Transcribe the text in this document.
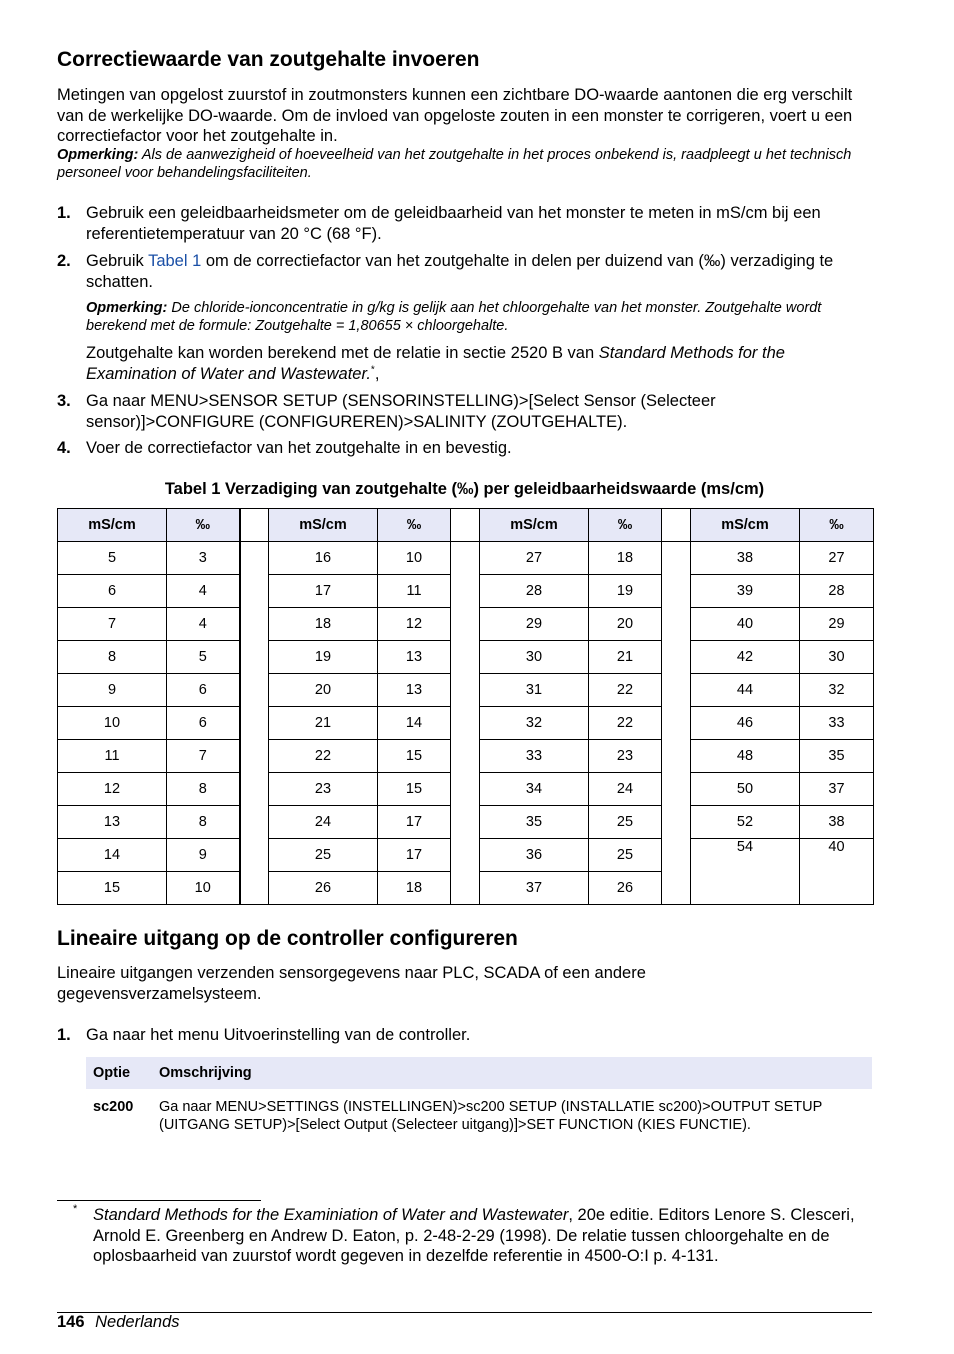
Correctiewaarde van zoutgehalte invoeren
Metingen van opgelost zuurstof in zoutmonsters kunnen een zichtbare DO-waarde aantonen die erg verschilt van de werkelijke DO-waarde. Om de invloed van opgeloste zouten in een monster te corrigeren, voert u een correctiefactor voor het zoutgehalte in.
Opmerking: Als de aanwezigheid of hoeveelheid van het zoutgehalte in het proces onbekend is, raadpleegt u het technisch personeel voor behandelingsfaciliteiten.
1. Gebruik een geleidbaarheidsmeter om de geleidbaarheid van het monster te meten in mS/cm bij een referentietemperatuur van 20 °C (68 °F).
2. Gebruik Tabel 1 om de correctiefactor van het zoutgehalte in delen per duizend van (‰) verzadiging te schatten.
Opmerking: De chloride-ionconcentratie in g/kg is gelijk aan het chloorgehalte van het monster. Zoutgehalte wordt berekend met de formule: Zoutgehalte = 1,80655 × chloorgehalte.
Zoutgehalte kan worden berekend met de relatie in sectie 2520 B van Standard Methods for the Examination of Water and Wastewater.*,
3. Ga naar MENU>SENSOR SETUP (SENSORINSTELLING)>[Select Sensor (Selecteer sensor)]>CONFIGURE (CONFIGUREREN)>SALINITY (ZOUTGEHALTE).
4. Voer de correctiefactor van het zoutgehalte in en bevestig.
Tabel 1 Verzadiging van zoutgehalte (‰) per geleidbaarheidswaarde (ms/cm)
mS/cm	‰		mS/cm	‰		mS/cm	‰		mS/cm	‰
5	3		16	10		27	18		38	27
6	4		17	11		28	19		39	28
7	4		18	12		29	20		40	29
8	5		19	13		30	21		42	30
9	6		20	13		31	22		44	32
10	6		21	14		32	22		46	33
11	7		22	15		33	23		48	35
12	8		23	15		34	24		50	37
13	8		24	17		35	25		52	38
14	9		25	17		36	25		54	40
15	10		26	18		37	26			
Lineaire uitgang op de controller configureren
Lineaire uitgangen verzenden sensorgegevens naar PLC, SCADA of een andere gegevensverzamelsysteem.
1. Ga naar het menu Uitvoerinstelling van de controller.
Optie	Omschrijving
sc200	Ga naar MENU>SETTINGS (INSTELLINGEN)>sc200 SETUP (INSTALLATIE sc200)>OUTPUT SETUP (UITGANG SETUP)>[Select Output (Selecteer uitgang)]>SET FUNCTION (KIES FUNCTIE).
* Standard Methods for the Examiniation of Water and Wastewater, 20e editie. Editors Lenore S. Clesceri, Arnold E. Greenberg en Andrew D. Eaton, p. 2-48-2-29 (1998). De relatie tussen chloorgehalte en de oplosbaarheid van zuurstof wordt gegeven in dezelfde referentie in 4500-O:I p. 4-131.
146 Nederlands
